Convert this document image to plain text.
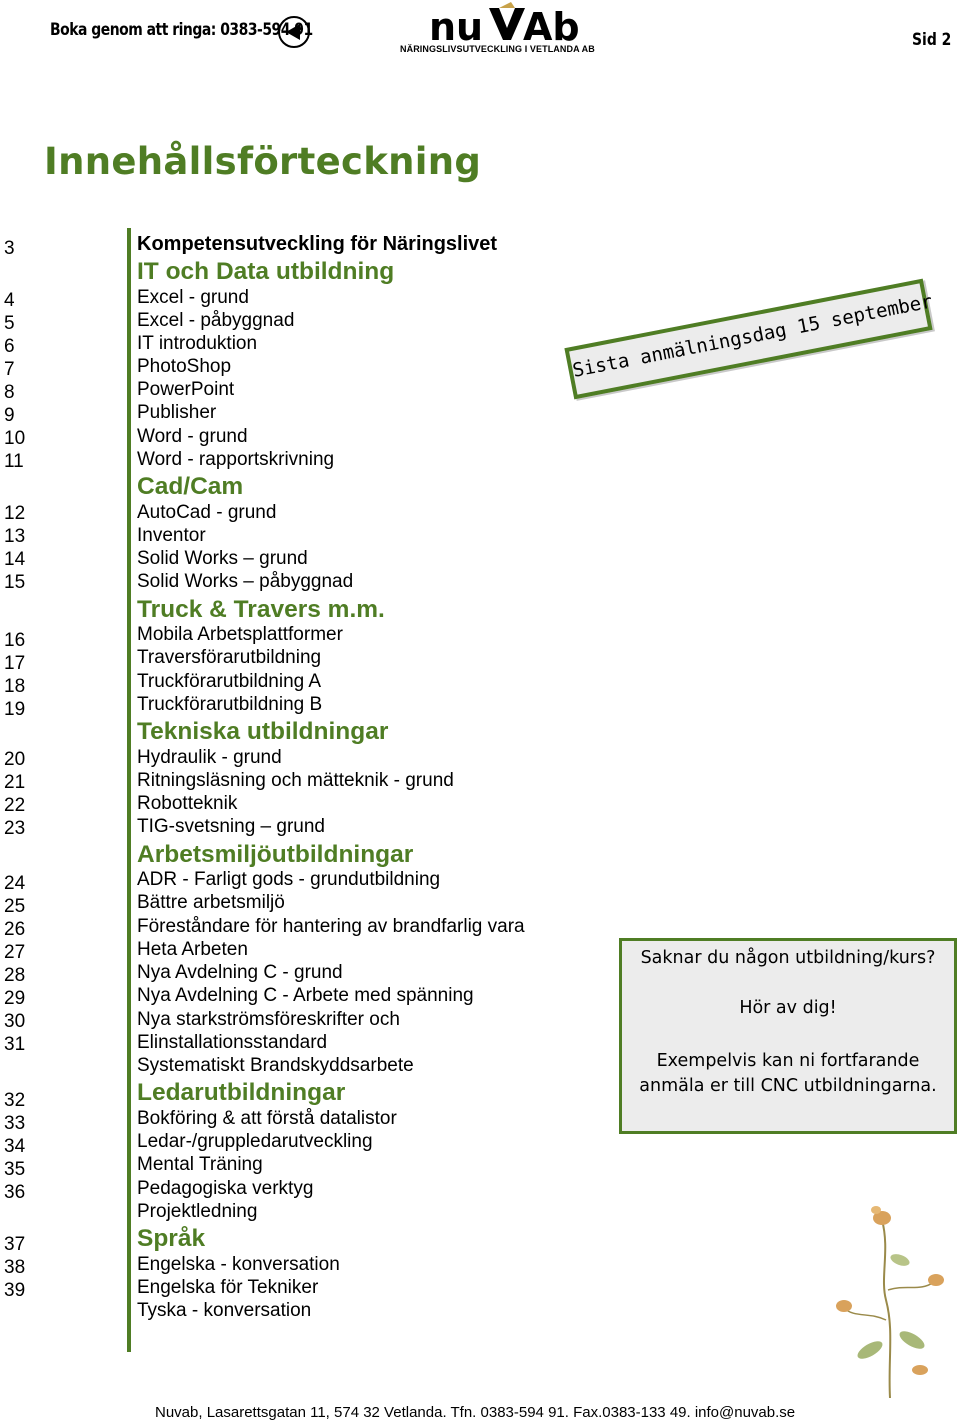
Boka genom att ringa: 0383-594 91	nu Ab
NÄRINGSLIVSUTVECKLING I VETLANDA AB	Sid 2
Innehållsförteckning
3
4
5
6
7
8
9
10
11
12
13
14
15
16
17
18
19
20
21
22
23
24
25
26
27
28
29
30
31
32
33
34
35
36
37
38
39
Kompetensutveckling för Näringslivet
IT och Data utbildning
Excel - grund
Excel - påbyggnad
IT introduktion
PhotoShop
PowerPoint
Publisher
Word - grund
Word - rapportskrivning
Cad/Cam
AutoCad - grund
Inventor
Solid Works – grund
Solid Works – påbyggnad
Truck & Travers m.m.
Mobila Arbetsplattformer
Traversförarutbildning
Truckförarutbildning A
Truckförarutbildning B
Tekniska utbildningar
Hydraulik - grund
Ritningsläsning och mätteknik - grund
Robotteknik
TIG-svetsning – grund
Arbetsmiljöutbildningar
ADR - Farligt gods - grundutbildning
Bättre arbetsmiljö
Föreståndare för hantering av brandfarlig vara
Heta Arbeten
Nya Avdelning C - grund
Nya Avdelning C - Arbete med spänning
Nya starkströmsföreskrifter och
Elinstallationsstandard
Systematiskt Brandskyddsarbete
Ledarutbildningar
Bokföring & att förstå datalistor
Ledar-/gruppledarutveckling
Mental Träning
Pedagogiska verktyg
Projektledning
Språk
Engelska - konversation
Engelska för Tekniker
Tyska - konversation
Sista anmälningsdag 15 september
Saknar du någon utbildning/kurs?
Hör av dig!
Exempelvis kan ni fortfarande
anmäla er till CNC utbildningarna.
Nuvab, Lasarettsgatan 11, 574 32 Vetlanda. Tfn. 0383-594 91. Fax.0383-133 49. info@nuvab.se
